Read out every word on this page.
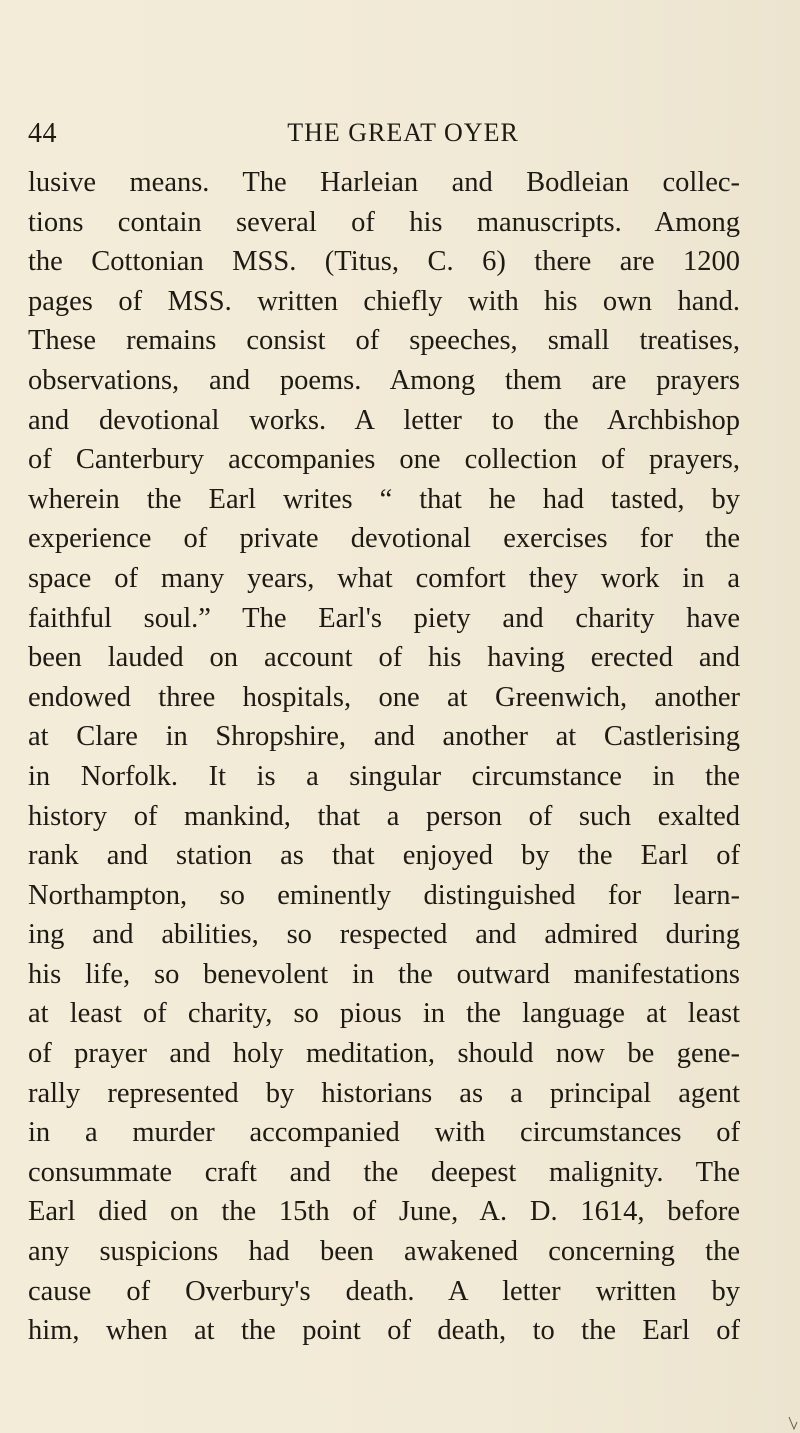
44	THE GREAT OYER
lusive means. The Harleian and Bodleian collec-
tions contain several of his manuscripts. Among
the Cottonian MSS. (Titus, C. 6) there are 1200
pages of MSS. written chiefly with his own hand.
These remains consist of speeches, small treatises,
observations, and poems. Among them are prayers
and devotional works. A letter to the Archbishop
of Canterbury accompanies one collection of prayers,
wherein the Earl writes “ that he had tasted, by
experience of private devotional exercises for the
space of many years, what comfort they work in a
faithful soul.” The Earl's piety and charity have
been lauded on account of his having erected and
endowed three hospitals, one at Greenwich, another
at Clare in Shropshire, and another at Castlerising
in Norfolk. It is a singular circumstance in the
history of mankind, that a person of such exalted
rank and station as that enjoyed by the Earl of
Northampton, so eminently distinguished for learn-
ing and abilities, so respected and admired during
his life, so benevolent in the outward manifestations
at least of charity, so pious in the language at least
of prayer and holy meditation, should now be gene-
rally represented by historians as a principal agent
in a murder accompanied with circumstances of
consummate craft and the deepest malignity. The
Earl died on the 15th of June, A. D. 1614, before
any suspicions had been awakened concerning the
cause of Overbury's death. A letter written by
him, when at the point of death, to the Earl of
